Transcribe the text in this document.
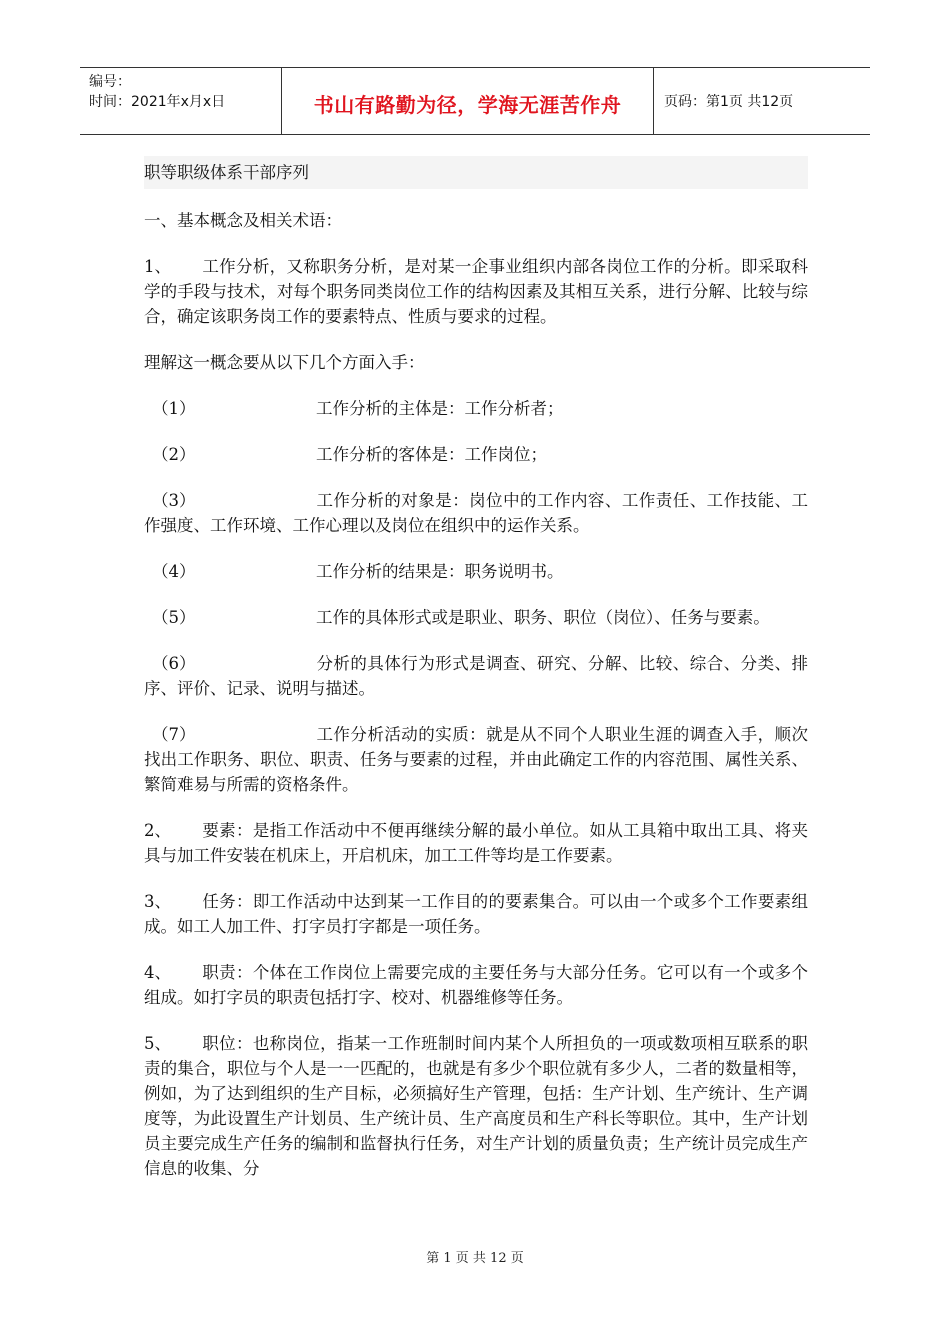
编号：
时间：2021年x月x日	书山有路勤为径，学海无涯苦作舟	页码：第1页 共12页
职等职级体系干部序列

一、基本概念及相关术语：

1、 工作分析，又称职务分析，是对某一企事业组织内部各岗位工作的分析。即采取科学的手段与技术，对每个职务同类岗位工作的结构因素及其相互关系，进行分解、比较与综合，确定该职务岗工作的要素特点、性质与要求的过程。

理解这一概念要从以下几个方面入手：

（1）	工作分析的主体是：工作分析者；

（2）	工作分析的客体是：工作岗位；

（3）	工作分析的对象是：岗位中的工作内容、工作责任、工作技能、工作强度、工作环境、工作心理以及岗位在组织中的运作关系。

（4）	工作分析的结果是：职务说明书。

（5）	工作的具体形式或是职业、职务、职位（岗位）、任务与要素。

（6）	分析的具体行为形式是调查、研究、分解、比较、综合、分类、排序、评价、记录、说明与描述。

（7）	工作分析活动的实质：就是从不同个人职业生涯的调查入手，顺次找出工作职务、职位、职责、任务与要素的过程，并由此确定工作的内容范围、属性关系、繁简难易与所需的资格条件。

2、 要素：是指工作活动中不便再继续分解的最小单位。如从工具箱中取出工具、将夹具与加工件安装在机床上，开启机床，加工工件等均是工作要素。

3、 任务：即工作活动中达到某一工作目的的要素集合。可以由一个或多个工作要素组成。如工人加工件、打字员打字都是一项任务。

4、 职责：个体在工作岗位上需要完成的主要任务与大部分任务。它可以有一个或多个组成。如打字员的职责包括打字、校对、机器维修等任务。

5、 职位：也称岗位，指某一工作班制时间内某个人所担负的一项或数项相互联系的职责的集合，职位与个人是一一匹配的，也就是有多少个职位就有多少人，二者的数量相等，例如，为了达到组织的生产目标，必须搞好生产管理，包括：生产计划、生产统计、生产调度等，为此设置生产计划员、生产统计员、生产高度员和生产科长等职位。其中，生产计划员主要完成生产任务的编制和监督执行任务，对生产计划的质量负责；生产统计员完成生产信息的收集、分

第 1 页 共 12 页
